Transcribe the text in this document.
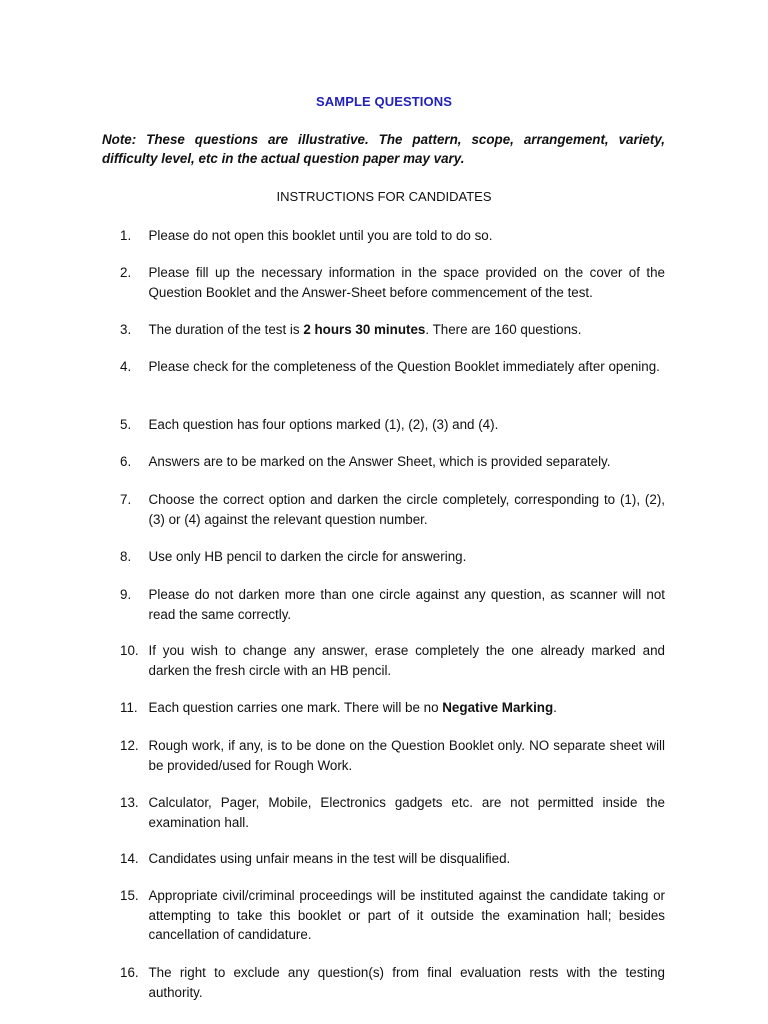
SAMPLE QUESTIONS
Note: These questions are illustrative. The pattern, scope, arrangement, variety, difficulty level, etc in the actual question paper may vary.
INSTRUCTIONS FOR CANDIDATES
1.	Please do not open this booklet until you are told to do so.
2.	Please fill up the necessary information in the space provided on the cover of the Question Booklet and the Answer-Sheet before commencement of the test.
3.	The duration of the test is 2 hours 30 minutes. There are 160 questions.
4.	Please check for the completeness of the Question Booklet immediately after opening.
5.	Each question has four options marked (1), (2), (3) and (4).
6.	Answers are to be marked on the Answer Sheet, which is provided separately.
7.	Choose the correct option and darken the circle completely, corresponding to (1), (2), (3) or (4) against the relevant question number.
8.	Use only HB pencil to darken the circle for answering.
9.	Please do not darken more than one circle against any question, as scanner will not read the same correctly.
10. If you wish to change any answer, erase completely the one already marked and darken the fresh circle with an HB pencil.
11. Each question carries one mark. There will be no Negative Marking.
12. Rough work, if any, is to be done on the Question Booklet only. NO separate sheet will be provided/used for Rough Work.
13. Calculator, Pager, Mobile, Electronics gadgets etc. are not permitted inside the examination hall.
14. Candidates using unfair means in the test will be disqualified.
15. Appropriate civil/criminal proceedings will be instituted against the candidate taking or attempting to take this booklet or part of it outside the examination hall; besides cancellation of candidature.
16. The right to exclude any question(s) from final evaluation rests with the testing authority.
